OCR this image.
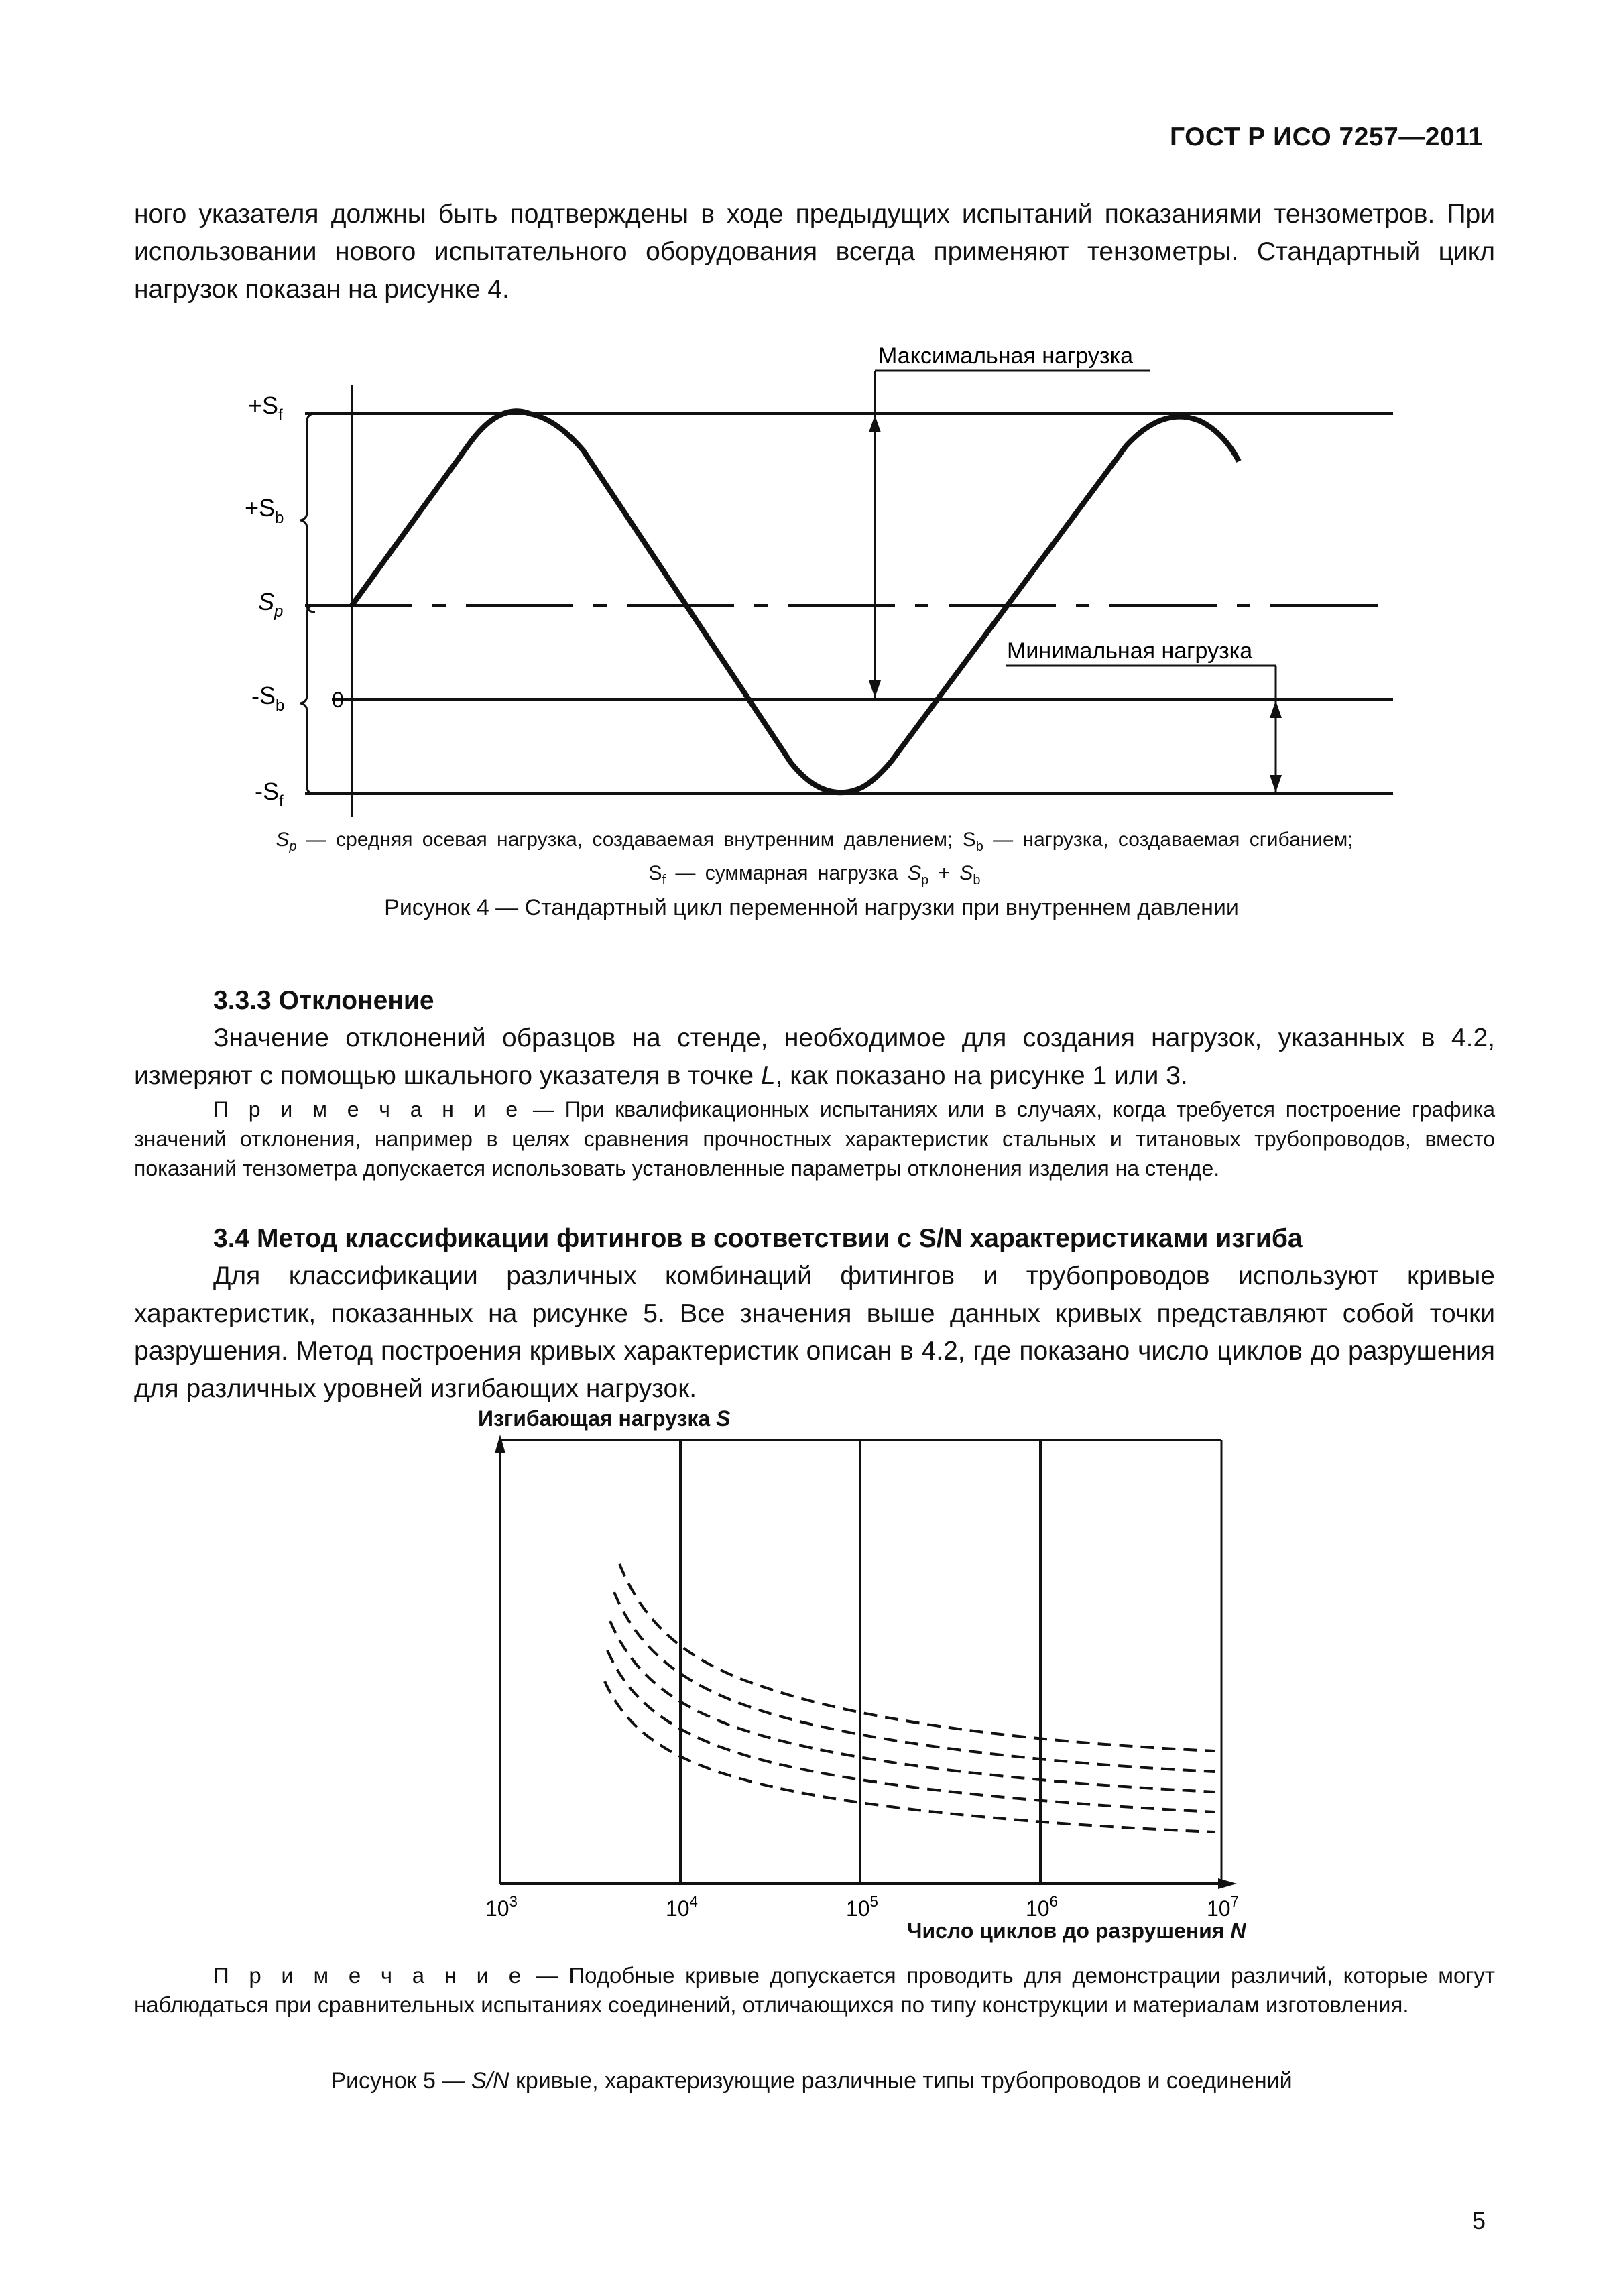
ГОСТ Р ИСО 7257—2011
ного указателя должны быть подтверждены в ходе предыдущих испытаний показаниями тензометров. При использовании нового испытательного оборудования всегда применяют тензометры. Стандартный цикл нагрузок показан на рисунке 4.
Максимальная нагрузка
Минимальная нагрузка
0
$+S_f$
$+S_b$
$S_p$
$-S_b$
$-S_f$
$S_p$ — средняя осевая нагрузка, создаваемая внутренним давлением; $S_b$ — нагрузка, создаваемая сгибанием;
$S_f$ — суммарная нагрузка $S_p + S_b$
Рисунок 4 — Стандартный цикл переменной нагрузки при внутреннем давлении
3.3.3 Отклонение
Значение отклонений образцов на стенде, необходимое для создания нагрузок, указанных в 4.2, измеряют с помощью шкального указателя в точке L, как показано на рисунке 1 или 3.
П р и м е ч а н и е — При квалификационных испытаниях или в случаях, когда требуется построение графика значений отклонения, например в целях сравнения прочностных характеристик стальных и титановых трубопроводов, вместо показаний тензометра допускается использовать установленные параметры отклонения изделия на стенде.
3.4 Метод классификации фитингов в соответствии с S/N характеристиками изгиба
Для классификации различных комбинаций фитингов и трубопроводов используют кривые характеристик, показанных на рисунке 5. Все значения выше данных кривых представляют собой точки разрушения. Метод построения кривых характеристик описан в 4.2, где показано число циклов до разрушения для различных уровней изгибающих нагрузок.
Изгибающая нагрузка S
$10^3$	$10^4$	$10^5$	$10^6$	$10^7$
Число циклов до разрушения N
П р и м е ч а н и е — Подобные кривые допускается проводить для демонстрации различий, которые могут наблюдаться при сравнительных испытаниях соединений, отличающихся по типу конструкции и материалам изготовления.
Рисунок 5 — S/N кривые, характеризующие различные типы трубопроводов и соединений
5
